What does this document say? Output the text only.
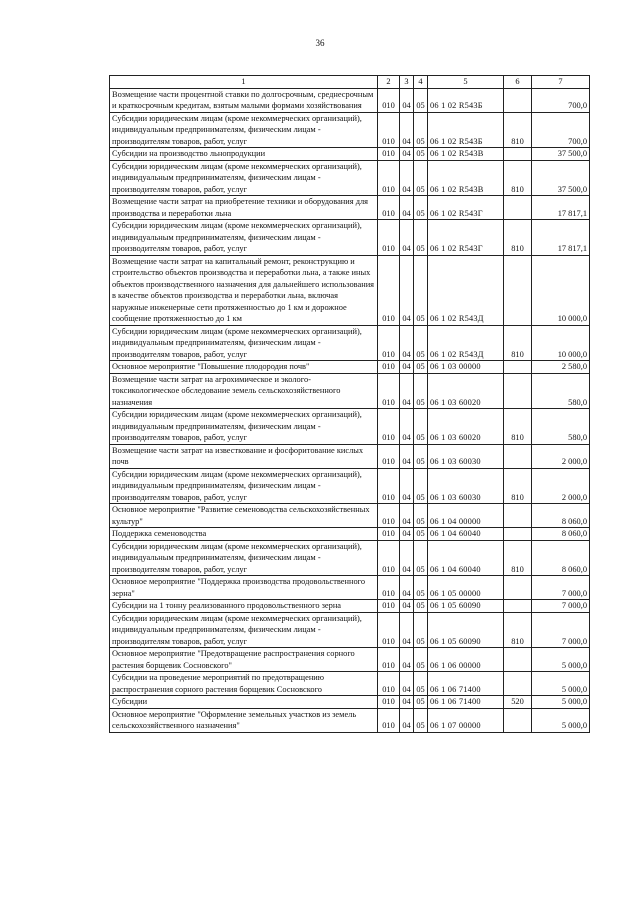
36
1	2	3	4	5	6	7
Возмещение части процентной ставки по долгосрочным, среднесрочным и краткосрочным кредитам, взятым малыми формами хозяйствования	010	04	05	06 1 02 R543Б		700,0
Субсидии юридическим лицам (кроме некоммерческих организаций), индивидуальным предпринимателям, физическим лицам - производителям товаров, работ, услуг	010	04	05	06 1 02 R543Б	810	700,0
Субсидии на производство льнопродукции	010	04	05	06 1 02 R543В		37 500,0
Субсидии юридическим лицам (кроме некоммерческих организаций), индивидуальным предпринимателям, физическим лицам - производителям товаров, работ, услуг	010	04	05	06 1 02 R543В	810	37 500,0
Возмещение части затрат на приобретение техники и оборудования для производства и переработки льна	010	04	05	06 1 02 R543Г		17 817,1
Субсидии юридическим лицам (кроме некоммерческих организаций), индивидуальным предпринимателям, физическим лицам - производителям товаров, работ, услуг	010	04	05	06 1 02 R543Г	810	17 817,1
Возмещение части затрат на капитальный ремонт, реконструкцию и строительство объектов производства и переработки льна, а также иных объектов производственного назначения для дальнейшего использования в качестве объектов производства и переработки льна, включая наружные инженерные сети протяженностью до 1 км и дорожное сообщение протяженностью до 1 км	010	04	05	06 1 02 R543Д		10 000,0
Субсидии юридическим лицам (кроме некоммерческих организаций), индивидуальным предпринимателям, физическим лицам - производителям товаров, работ, услуг	010	04	05	06 1 02 R543Д	810	10 000,0
Основное мероприятие "Повышение плодородия почв"	010	04	05	06 1 03 00000		2 580,0
Возмещение части затрат на агрохимическое и эколого-токсикологическое обследование земель сельскохозяйственного назначения	010	04	05	06 1 03 60020		580,0
Субсидии юридическим лицам (кроме некоммерческих организаций), индивидуальным предпринимателям, физическим лицам - производителям товаров, работ, услуг	010	04	05	06 1 03 60020	810	580,0
Возмещение части затрат на известкование и фосфоритование кислых почв	010	04	05	06 1 03 60030		2 000,0
Субсидии юридическим лицам (кроме некоммерческих организаций), индивидуальным предпринимателям, физическим лицам - производителям товаров, работ, услуг	010	04	05	06 1 03 60030	810	2 000,0
Основное мероприятие "Развитие семеноводства сельскохозяйственных культур"	010	04	05	06 1 04 00000		8 060,0
Поддержка семеноводства	010	04	05	06 1 04 60040		8 060,0
Субсидии юридическим лицам (кроме некоммерческих организаций), индивидуальным предпринимателям, физическим лицам - производителям товаров, работ, услуг	010	04	05	06 1 04 60040	810	8 060,0
Основное мероприятие "Поддержка производства продовольственного зерна"	010	04	05	06 1 05 00000		7 000,0
Субсидии на 1 тонну реализованного продовольственного зерна	010	04	05	06 1 05 60090		7 000,0
Субсидии юридическим лицам (кроме некоммерческих организаций), индивидуальным предпринимателям, физическим лицам - производителям товаров, работ, услуг	010	04	05	06 1 05 60090	810	7 000,0
Основное мероприятие "Предотвращение распространения сорного растения борщевик Сосновского"	010	04	05	06 1 06 00000		5 000,0
Субсидии на проведение мероприятий по предотвращению распространения сорного растения борщевик Сосновского	010	04	05	06 1 06 71400		5 000,0
Субсидии	010	04	05	06 1 06 71400	520	5 000,0
Основное мероприятие "Оформление земельных участков из земель сельскохозяйственного назначения"	010	04	05	06 1 07 00000		5 000,0
